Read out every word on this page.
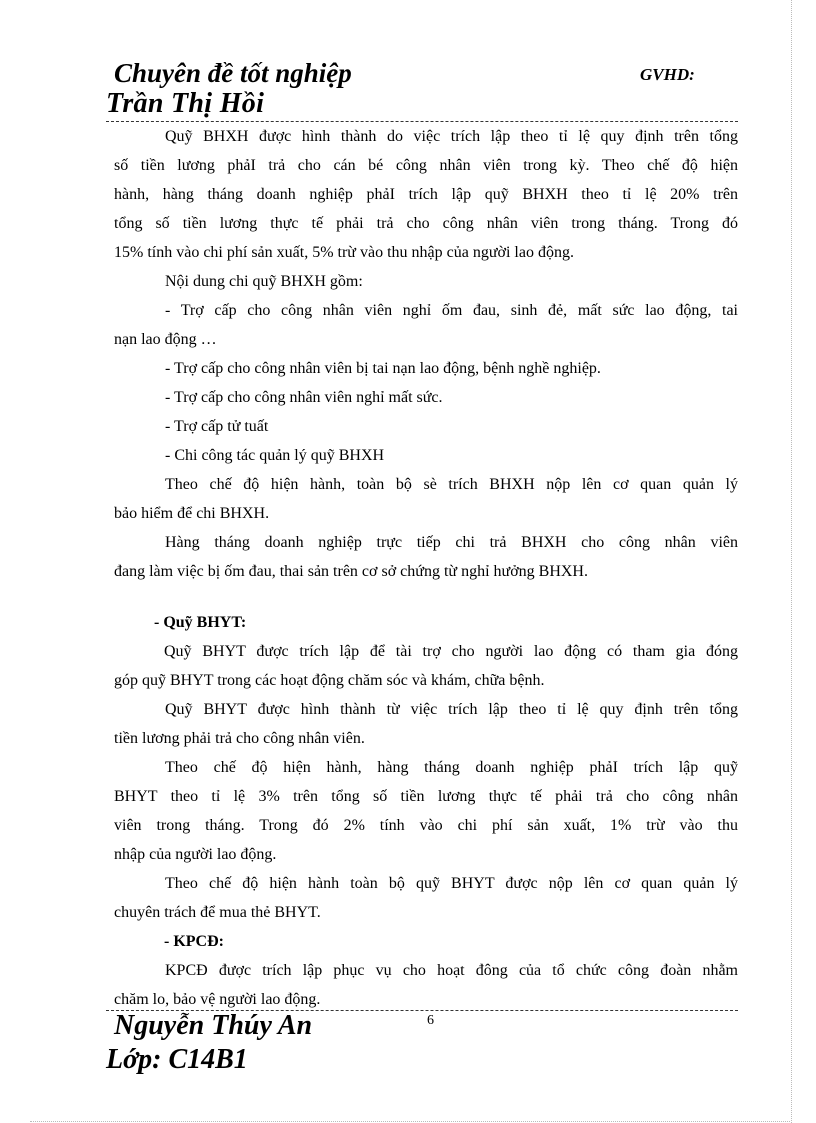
Chuyên đề tốt nghiệp	GVHD:
Trần Thị Hồi
Quỹ BHXH được hình thành do việc trích lập theo tỉ lệ quy định trên tổng
số tiền lương phảI trả cho cán bé công nhân viên trong kỳ. Theo chế độ hiện
hành, hàng tháng doanh nghiệp phảI trích lập quỹ BHXH theo tỉ lệ 20% trên
tổng số tiền lương thực tế phải trả cho công nhân viên trong tháng. Trong đó
15% tính vào chi phí sản xuất, 5% trừ vào thu nhập của người lao động.
Nội dung chi quỹ BHXH gồm:
- Trợ cấp cho công nhân viên nghỉ ốm đau, sinh đẻ, mất sức lao động, tai
nạn lao động …
- Trợ cấp cho công nhân viên bị tai nạn lao động, bệnh nghề nghiệp.
- Trợ cấp cho công nhân viên nghỉ mất sức.
- Trợ cấp tử tuất
- Chi công tác quản lý quỹ BHXH
Theo chế độ hiện hành, toàn bộ sè trích BHXH nộp lên cơ quan quản lý
bảo hiểm để chi BHXH.
Hàng tháng doanh nghiệp trực tiếp chi trả BHXH cho công nhân viên
đang làm việc bị ốm đau, thai sản trên cơ sở chứng từ nghỉ hưởng BHXH.
- Quỹ BHYT:
Quỹ BHYT được trích lập để tài trợ cho người lao động có tham gia đóng
góp quỹ BHYT trong các hoạt động chăm sóc và khám, chữa bệnh.
Quỹ BHYT được hình thành từ việc trích lập theo tỉ lệ quy định trên tổng
tiền lương phải trả cho công nhân viên.
Theo chế độ hiện hành, hàng tháng doanh nghiệp phảI trích lập quỹ
BHYT theo tỉ lệ 3% trên tổng số tiền lương thực tế phải trả cho công nhân
viên trong tháng. Trong đó 2% tính vào chi phí sản xuất, 1% trừ vào thu
nhập của người lao động.
Theo chế độ hiện hành toàn bộ quỹ BHYT được nộp lên cơ quan quản lý
chuyên trách để mua thẻ BHYT.
- KPCĐ:
KPCĐ được trích lập phục vụ cho hoạt đông của tổ chức công đoàn nhằm
chăm lo, bảo vệ người lao động.
Nguyễn Thúy An	6
Lớp: C14B1
